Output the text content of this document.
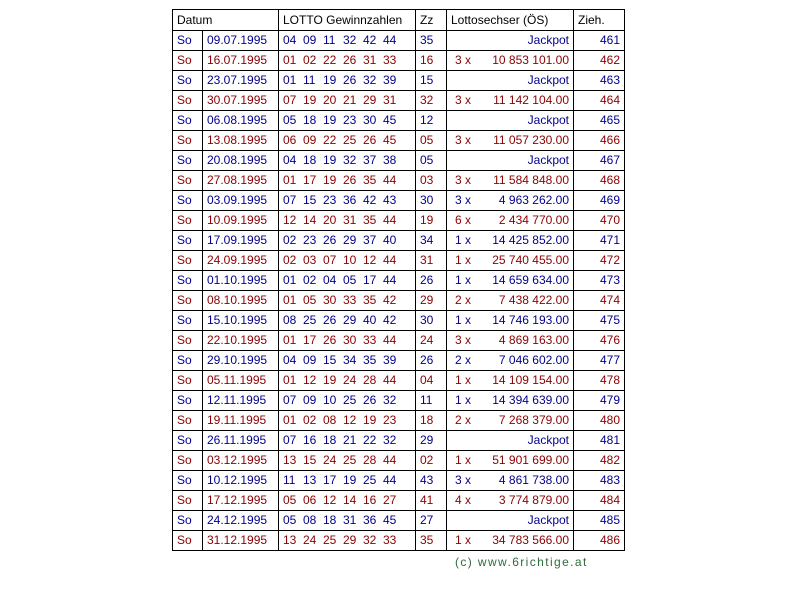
Datum		LOTTO Gewinnzahlen	Zz	Lottosechser (ÖS)	Zieh.
So	09.07.1995	04 09 11 32 42 44	35	Jackpot	461
So	16.07.1995	01 02 22 26 31 33	16	3 x 10 853 101.00	462
So	23.07.1995	01 11 19 26 32 39	15	Jackpot	463
So	30.07.1995	07 19 20 21 29 31	32	3 x 11 142 104.00	464
So	06.08.1995	05 18 19 23 30 45	12	Jackpot	465
So	13.08.1995	06 09 22 25 26 45	05	3 x 11 057 230.00	466
So	20.08.1995	04 18 19 32 37 38	05	Jackpot	467
So	27.08.1995	01 17 19 26 35 44	03	3 x 11 584 848.00	468
So	03.09.1995	07 15 23 36 42 43	30	3 x 4 963 262.00	469
So	10.09.1995	12 14 20 31 35 44	19	6 x 2 434 770.00	470
So	17.09.1995	02 23 26 29 37 40	34	1 x 14 425 852.00	471
So	24.09.1995	02 03 07 10 12 44	31	1 x 25 740 455.00	472
So	01.10.1995	01 02 04 05 17 44	26	1 x 14 659 634.00	473
So	08.10.1995	01 05 30 33 35 42	29	2 x 7 438 422.00	474
So	15.10.1995	08 25 26 29 40 42	30	1 x 14 746 193.00	475
So	22.10.1995	01 17 26 30 33 44	24	3 x 4 869 163.00	476
So	29.10.1995	04 09 15 34 35 39	26	2 x 7 046 602.00	477
So	05.11.1995	01 12 19 24 28 44	04	1 x 14 109 154.00	478
So	12.11.1995	07 09 10 25 26 32	11	1 x 14 394 639.00	479
So	19.11.1995	01 02 08 12 19 23	18	2 x 7 268 379.00	480
So	26.11.1995	07 16 18 21 22 32	29	Jackpot	481
So	03.12.1995	13 15 24 25 28 44	02	1 x 51 901 699.00	482
So	10.12.1995	11 13 17 19 25 44	43	3 x 4 861 738.00	483
So	17.12.1995	05 06 12 14 16 27	41	4 x 3 774 879.00	484
So	24.12.1995	05 08 18 31 36 45	27	Jackpot	485
So	31.12.1995	13 24 25 29 32 33	35	1 x 34 783 566.00	486
(c) www.6richtige.at
